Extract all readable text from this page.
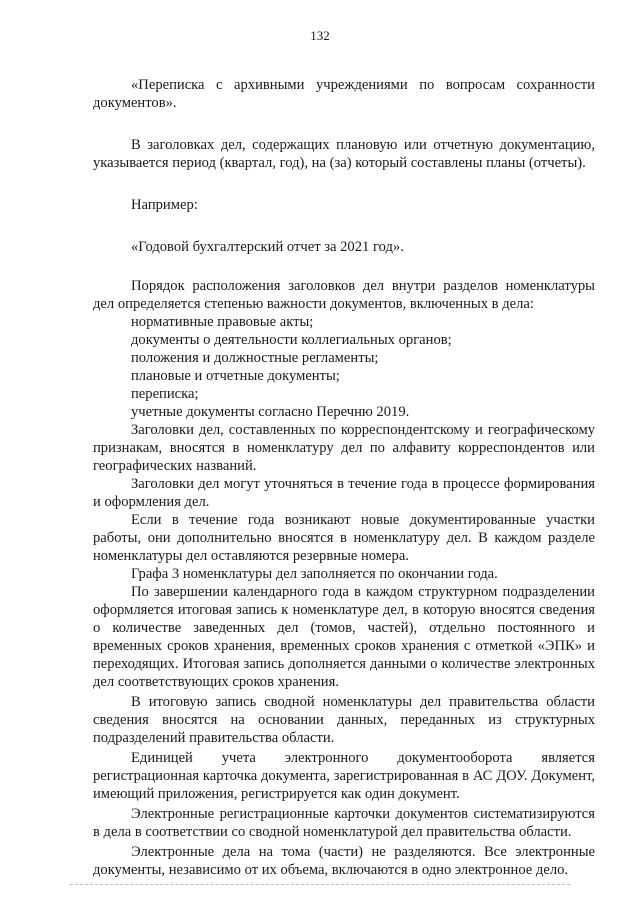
132

«Переписка с архивными учреждениями по вопросам сохранности документов».

В заголовках дел, содержащих плановую или отчетную документацию, указывается период (квартал, год), на (за) который составлены планы (отчеты).

Например:

«Годовой бухгалтерский отчет за 2021 год».

Порядок расположения заголовков дел внутри разделов номенклатуры дел определяется степенью важности документов, включенных в дела:

нормативные правовые акты;

документы о деятельности коллегиальных органов;

положения и должностные регламенты;

плановые и отчетные документы;

переписка;

учетные документы согласно Перечню 2019.

Заголовки дел, составленных по корреспондентскому и географическому признакам, вносятся в номенклатуру дел по алфавиту корреспондентов или географических названий.

Заголовки дел могут уточняться в течение года в процессе формирования и оформления дел.

Если в течение года возникают новые документированные участки работы, они дополнительно вносятся в номенклатуру дел. В каждом разделе номенклатуры дел оставляются резервные номера.

Графа 3 номенклатуры дел заполняется по окончании года.

По завершении календарного года в каждом структурном подразделении оформляется итоговая запись к номенклатуре дел, в которую вносятся сведения о количестве заведенных дел (томов, частей), отдельно постоянного и временных сроков хранения, временных сроков хранения с отметкой «ЭПК» и переходящих. Итоговая запись дополняется данными о количестве электронных дел соответствующих сроков хранения.

В итоговую запись сводной номенклатуры дел правительства области сведения вносятся на основании данных, переданных из структурных подразделений правительства области.

Единицей учета электронного документооборота является регистрационная карточка документа, зарегистрированная в АС ДОУ. Документ, имеющий приложения, регистрируется как один документ.

Электронные регистрационные карточки документов систематизируются в дела в соответствии со сводной номенклатурой дел правительства области.

Электронные дела на тома (части) не разделяются. Все электронные документы, независимо от их объема, включаются в одно электронное дело.
